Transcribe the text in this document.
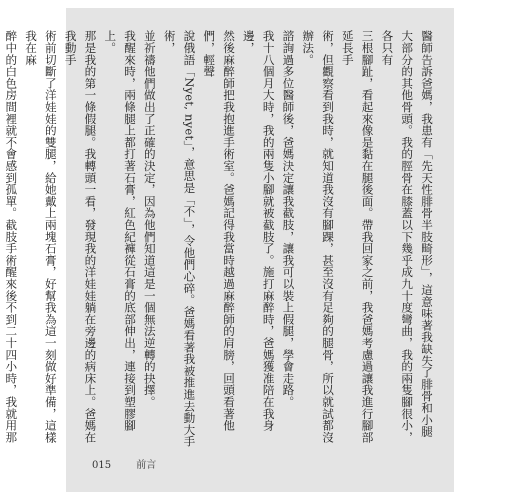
醫師告訴爸媽，我患有「先天性腓骨半肢畸形」，這意味著我缺失了腓骨和小腿
大部分的其他骨頭。我的脛骨在膝蓋以下幾乎成九十度彎曲，我的兩隻腳很小，各只有
三根腳趾，看起來像是黏在腿後面。帶我回家之前，我爸媽考慮過讓我進行腳部延長手
術，但觀察看到我時，就知道我沒有腳踝，甚至沒有足夠的腿骨，所以就試都沒辦法。
諮詢過多位醫師後，爸媽決定讓我截肢，讓我可以裝上假腿，學會走路。
我十八個月大時，我的兩隻小腳就被截肢了。施打麻醉時，爸媽獲准陪在我身邊，
然後麻醉師把我抱進手術室。爸媽記得我當時越過麻醉師的肩膀，回頭看著他們，輕聲
說俄語「Nyet, nyet」，意思是「不」，令他們心碎。爸媽看著我被推進去動大手術，
並祈禱他們做出了正確的決定，因為他們知道這是一個無法逆轉的抉擇。
我醒來時，兩條腿上都打著石膏，紅色紀褲從石膏的底部伸出，連接到塑膠腳上。
那是我的第一條假腿。我轉頭一看，發現我的洋娃娃躺在旁邊的病床上。爸媽在我動手
術前切斷了洋娃娃的雙腿，給她戴上兩塊石膏，好幫我為這一刻做好準備，這樣我在麻
醉中的白色房間裡就不會感到孤單。截肢手術醒來後不到二十四小時，我就用那
015	前言
